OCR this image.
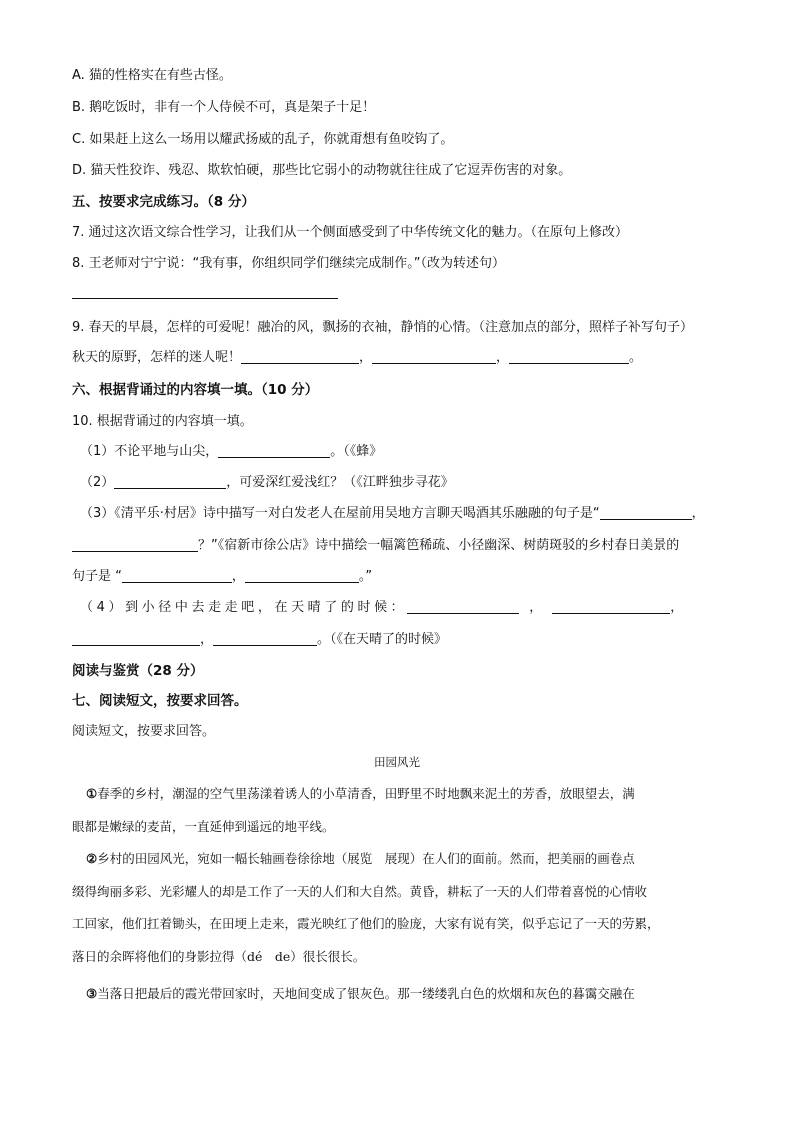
A. 猫的性格实在有些古怪。
B. 鹅吃饭时，非有一个人侍候不可，真是架子十足！
C. 如果赶上这么一场用以耀武扬威的乱子，你就甭想有鱼咬钩了。
D. 猫天性狡诈、残忍、欺软怕硬，那些比它弱小的动物就往往成了它逗弄伤害的对象。
五、按要求完成练习。（8 分）
7. 通过这次语文综合性学习，让我们从一个侧面感受到了中华传统文化的魅力。（在原句上修改）
8. 王老师对宁宁说：“我有事，你组织同学们继续完成制作。”（改为转述句）
9. 春天的早晨，怎样的可爱呢！融冶的风，飘扬的衣袖，静悄的心情。（注意加点的部分，照样子补写句子）
秋天的原野，怎样的迷人呢！	，	，	。
六、根据背诵过的内容填一填。（10 分）
10. 根据背诵过的内容填一填。
（1）不论平地与山尖，	。（《蜂》
（2）	，可爱深红爱浅红？（《江畔独步寻花》
（3）《清平乐·村居》诗中描写一对白发老人在屋前用吴地方言聊天喝酒其乐融融的句子是“	，
？”《宿新市徐公店》诗中描绘一幅篱笆稀疏、小径幽深、树荫斑驳的乡村春日美景的
句子是 “	，	。”
（4）到小径中去走走吧，在天晴了的时候：	，	，
，	。（《在天晴了的时候》
阅读与鉴赏（28 分）
七、阅读短文，按要求回答。
阅读短文，按要求回答。
田园风光
①春季的乡村，潮湿的空气里荡漾着诱人的小草清香，田野里不时地飘来泥土的芳香，放眼望去，满
眼都是嫩绿的麦苗，一直延伸到遥远的地平线。
②乡村的田园风光，宛如一幅长轴画卷徐徐地（展览　展现）在人们的面前。然而，把美丽的画卷点
缀得绚丽多彩、光彩耀人的却是工作了一天的人们和大自然。黄昏，耕耘了一天的人们带着喜悦的心情收
工回家，他们扛着锄头，在田埂上走来，霞光映红了他们的脸庞，大家有说有笑，似乎忘记了一天的劳累，
落日的余晖将他们的身影拉得（dé　de）很长很长。
③当落日把最后的霞光带回家时，天地间变成了银灰色。那一缕缕乳白色的炊烟和灰色的暮霭交融在
